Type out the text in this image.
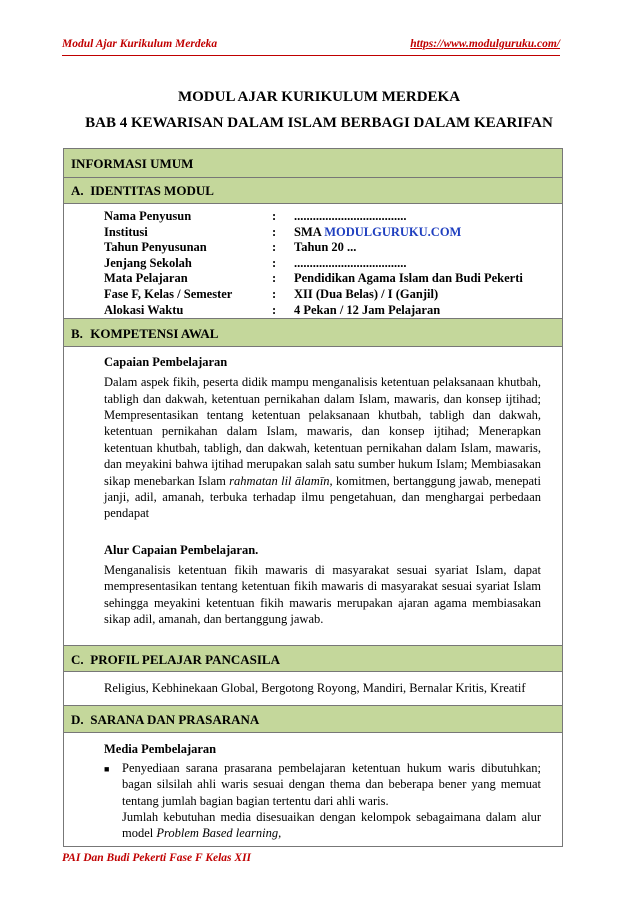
Modul Ajar Kurikulum Merdeka	https://www.modulguruku.com/
MODUL AJAR KURIKULUM MERDEKA
BAB 4 KEWARISAN DALAM ISLAM BERBAGI DALAM KEARIFAN
INFORMASI UMUM
A. IDENTITAS MODUL
Nama Penyusun	:	....................................
Institusi	:	SMA MODULGURUKU.COM
Tahun Penyusunan	:	Tahun 20 ...
Jenjang Sekolah	:	....................................
Mata Pelajaran	:	Pendidikan Agama Islam dan Budi Pekerti
Fase F, Kelas / Semester	:	XII (Dua Belas) / I (Ganjil)
Alokasi Waktu	:	4 Pekan / 12 Jam Pelajaran
B. KOMPETENSI AWAL
Capaian Pembelajaran
Dalam aspek fikih, peserta didik mampu menganalisis ketentuan pelaksanaan khutbah, tabligh dan dakwah, ketentuan pernikahan dalam Islam, mawaris, dan konsep ijtihad; Mempresentasikan tentang ketentuan pelaksanaan khutbah, tabligh dan dakwah, ketentuan pernikahan dalam Islam, mawaris, dan konsep ijtihad; Menerapkan ketentuan khutbah, tabligh, dan dakwah, ketentuan pernikahan dalam Islam, mawaris, dan meyakini bahwa ijtihad merupakan salah satu sumber hukum Islam; Membiasakan sikap menebarkan Islam rahmatan lil ālamīn, komitmen, bertanggung jawab, menepati janji, adil, amanah, terbuka terhadap ilmu pengetahuan, dan menghargai perbedaan pendapat
Alur Capaian Pembelajaran.
Menganalisis ketentuan fikih mawaris di masyarakat sesuai syariat Islam, dapat mempresentasikan tentang ketentuan fikih mawaris di masyarakat sesuai syariat Islam sehingga meyakini ketentuan fikih mawaris merupakan ajaran agama membiasakan sikap adil, amanah, dan bertanggung jawab.
C. PROFIL PELAJAR PANCASILA
Religius, Kebhinekaan Global, Bergotong Royong, Mandiri, Bernalar Kritis, Kreatif
D. SARANA DAN PRASARANA
Media Pembelajaran
■	Penyediaan sarana prasarana pembelajaran ketentuan hukum waris dibutuhkan; bagan silsilah ahli waris sesuai dengan thema dan beberapa bener yang memuat tentang jumlah bagian bagian tertentu dari ahli waris.
Jumlah kebutuhan media disesuaikan dengan kelompok sebagaimana dalam alur model Problem Based learning,
PAI Dan Budi Pekerti Fase F Kelas XII
